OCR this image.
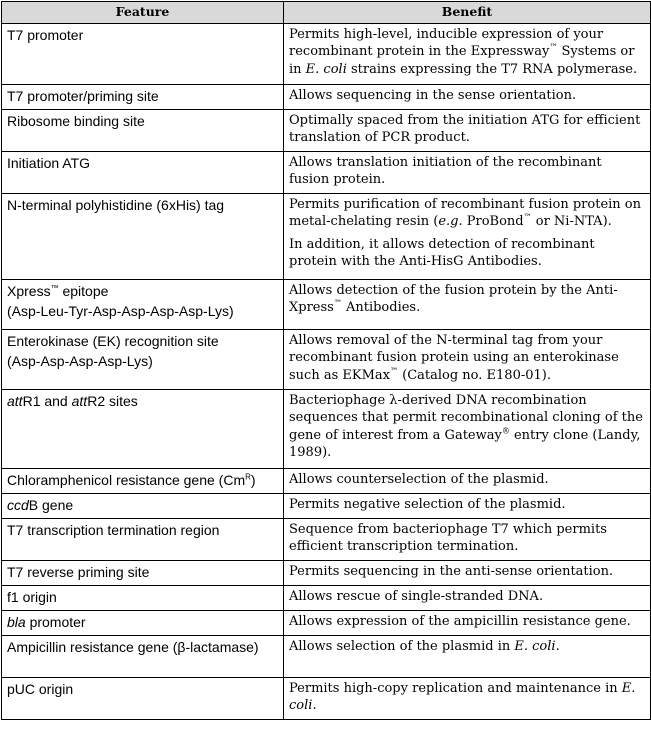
Feature	Benefit
T7 promoter	Permits high-level, inducible expression of your recombinant protein in the Expressway™ Systems or in E. coli strains expressing the T7 RNA polymerase.
T7 promoter/priming site	Allows sequencing in the sense orientation.
Ribosome binding site	Optimally spaced from the initiation ATG for efficient translation of PCR product.
Initiation ATG	Allows translation initiation of the recombinant fusion protein.
N-terminal polyhistidine (6xHis) tag	Permits purification of recombinant fusion protein on metal-chelating resin (e.g. ProBond™ or Ni-NTA).
In addition, it allows detection of recombinant protein with the Anti-HisG Antibodies.

Xpress™ epitope
(Asp-Leu-Tyr-Asp-Asp-Asp-Asp-Lys)	Allows detection of the fusion protein by the Anti-Xpress™ Antibodies.

Enterokinase (EK) recognition site
(Asp-Asp-Asp-Asp-Lys)	Allows removal of the N-terminal tag from your recombinant fusion protein using an enterokinase such as EKMax™ (Catalog no. E180-01).
attR1 and attR2 sites	Bacteriophage λ-derived DNA recombination sequences that permit recombinational cloning of the gene of interest from a Gateway® entry clone (Landy, 1989).
Chloramphenicol resistance gene $(Cm^R)$	Allows counterselection of the plasmid.
ccdB gene	Permits negative selection of the plasmid.
T7 transcription termination region	Sequence from bacteriophage T7 which permits efficient transcription termination.
T7 reverse priming site	Permits sequencing in the anti-sense orientation.
f1 origin	Allows rescue of single-stranded DNA.
bla promoter	Allows expression of the ampicillin resistance gene.
Ampicillin resistance gene (β-lactamase)	Allows selection of the plasmid in E. coli.
pUC origin	Permits high-copy replication and maintenance in E. coli.
